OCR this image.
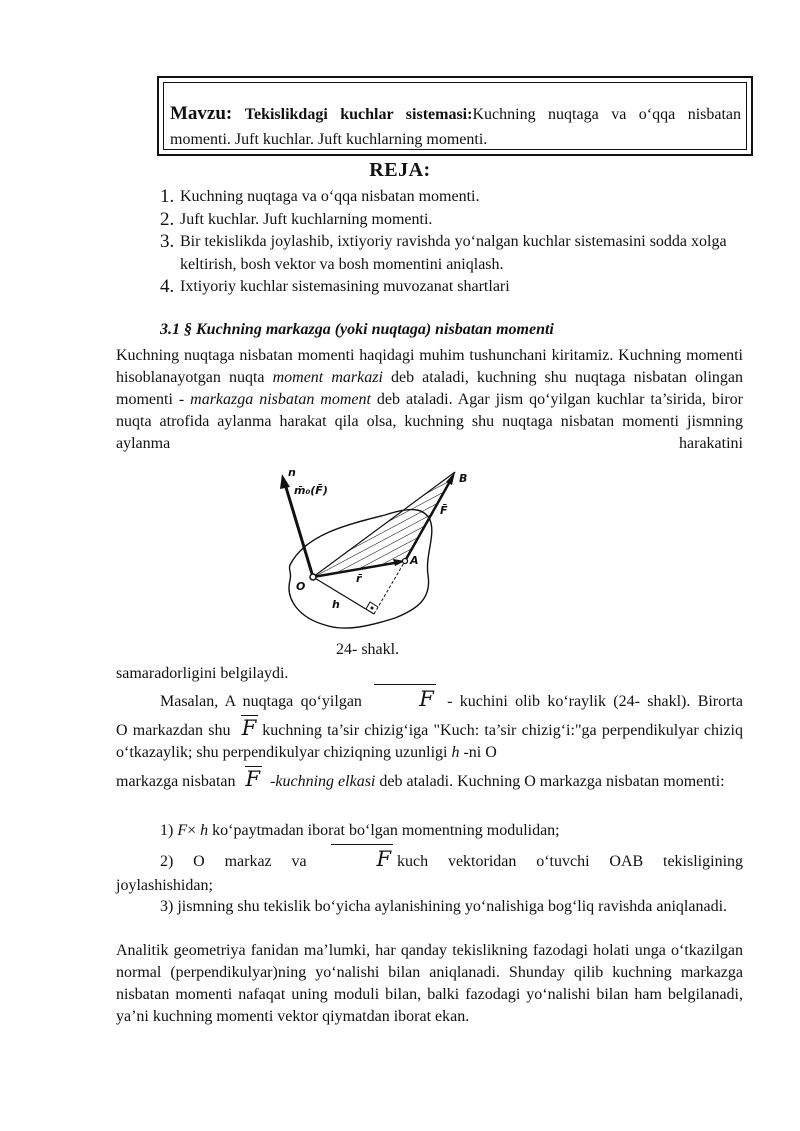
Mavzu: Tekislikdagi kuchlar sistemasi:Kuchning nuqtaga va o‘qqa nisbatan momenti. Juft kuchlar. Juft kuchlarning momenti.
REJA:
1. Kuchning nuqtaga va o‘qqa nisbatan momenti.
2. Juft kuchlar. Juft kuchlarning momenti.
3. Bir tekislikda joylashib, ixtiyoriy ravishda yo‘nalgan kuchlar sistemasini sodda xolga keltirish, bosh vektor va bosh momentini aniqlash.
4. Ixtiyoriy kuchlar sistemasining muvozanat shartlari
3.1 § Kuchning markazga (yoki nuqtaga) nisbatan momenti
Kuchning nuqtaga nisbatan momenti haqidagi muhim tushunchani kiritamiz. Kuchning momenti hisoblanayotgan nuqta moment markazi deb ataladi, kuchning shu nuqtaga nisbatan olingan momenti - markazga nisbatan moment deb ataladi. Agar jism qo‘yilgan kuchlar ta’sirida, biror nuqta atrofida aylanma harakat qila olsa, kuchning shu nuqtaga nisbatan momenti jismning aylanma harakatini
n
m̄₀(F̄)
B
F̄
A
O
r̄
h
24- shakl.
samaradorligini belgilaydi.
Masalan, A nuqtaga qo‘yilgan	F - kuchini olib ko‘raylik (24- shakl). Birorta
O markazdan shu F kuchning ta’sir chizig‘iga "Kuch: ta’sir chizig‘i:"ga perpendikulyar chiziq o‘tkazaylik; shu perpendikulyar chiziqning uzunligi h -ni O
markazga nisbatan F -kuchning elkasi deb ataladi. Kuchning O markazga nisbatan momenti:
1) F× h ko‘paytmadan iborat bo‘lgan momentning modulidan;
2) O markaz va	F kuch vektoridan o‘tuvchi OAB tekisligining
joylashishidan;
3) jismning shu tekislik bo‘yicha aylanishining yo‘nalishiga bog‘liq ravishda aniqlanadi.
Analitik geometriya fanidan ma’lumki, har qanday tekislikning fazodagi holati unga o‘tkazilgan normal (perpendikulyar)ning yo‘nalishi bilan aniqlanadi. Shunday qilib kuchning markazga nisbatan momenti nafaqat uning moduli bilan, balki fazodagi yo‘nalishi bilan ham belgilanadi, ya’ni kuchning momenti vektor qiymatdan iborat ekan.
